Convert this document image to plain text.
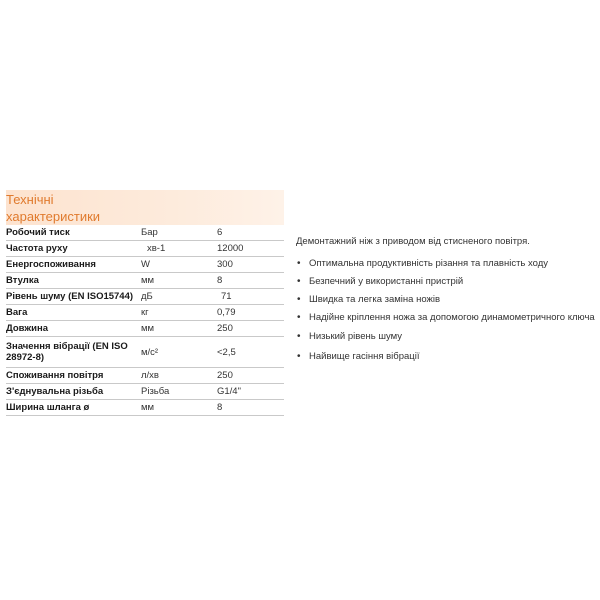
Технічні
характеристики
Робочий тиск	Бар	6
Частота руху	хв-1	12000
Енергоспоживання	W	300
Втулка	мм	8
Рівень шуму (EN ISO15744)	дБ	71
Вага	кг	0,79
Довжина	мм	250
Значення вібрації (EN ISO 28972-8)	м/с²	<2,5
Споживання повітря	л/хв	250
З'єднувальна різьба	Різьба	G1/4"
Ширина шланга ø	мм	8
Демонтажний ніж з приводом від стисненого повітря.
• Оптимальна продуктивність різання та плавність ходу
• Безпечний у використанні пристрій
• Швидка та легка заміна ножів
• Надійне кріплення ножа за допомогою динамометричного ключа
• Низький рівень шуму
• Найвище гасіння вібрації
